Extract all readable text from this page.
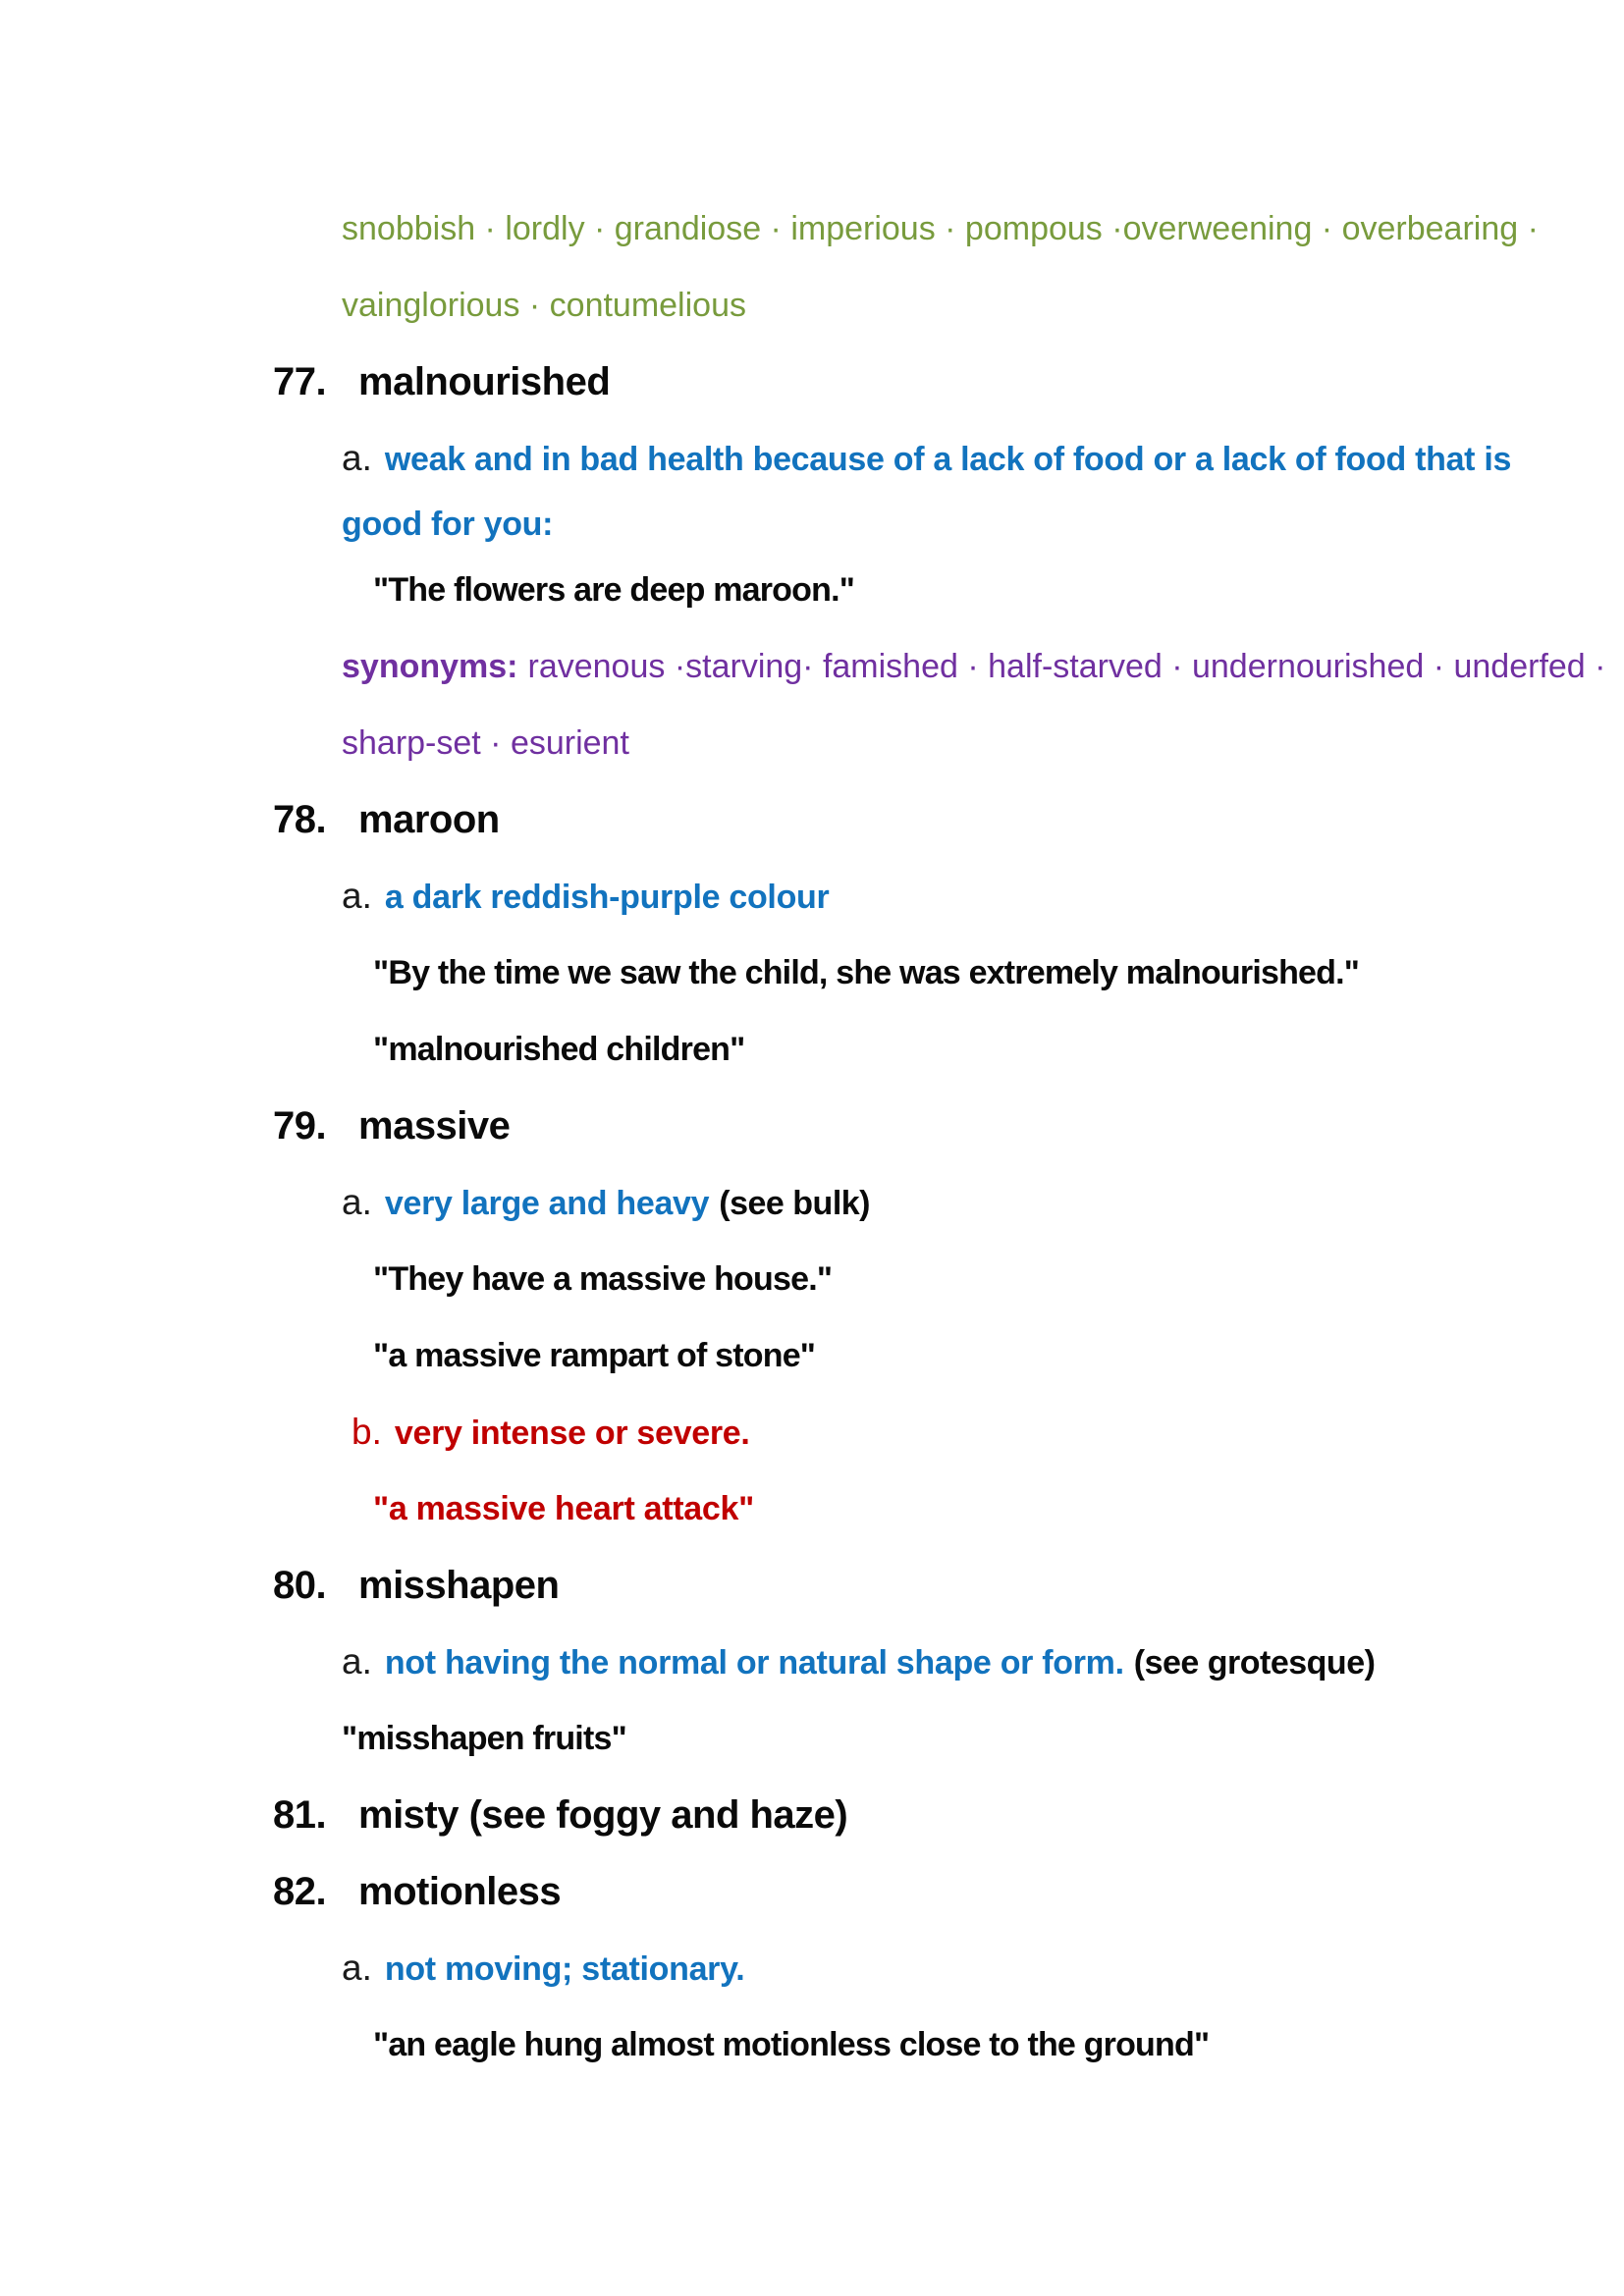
snobbish · lordly · grandiose · imperious · pompous ·overweening · overbearing ·
vainglorious · contumelious
77. malnourished
a. weak and in bad health because of a lack of food or a lack of food that is
good for you:
"The flowers are deep maroon."
synonyms: ravenous ·starving· famished · half-starved · undernourished · underfed ·
sharp-set · esurient
78. maroon
a. a dark reddish-purple colour
"By the time we saw the child, she was extremely malnourished."
"malnourished children"
79. massive
a. very large and heavy (see bulk)
"They have a massive house."
"a massive rampart of stone"
b. very intense or severe.
"a massive heart attack"
80. misshapen
a. not having the normal or natural shape or form. (see grotesque)
"misshapen fruits"
81. misty (see foggy and haze)
82. motionless
a. not moving; stationary.
"an eagle hung almost motionless close to the ground"
